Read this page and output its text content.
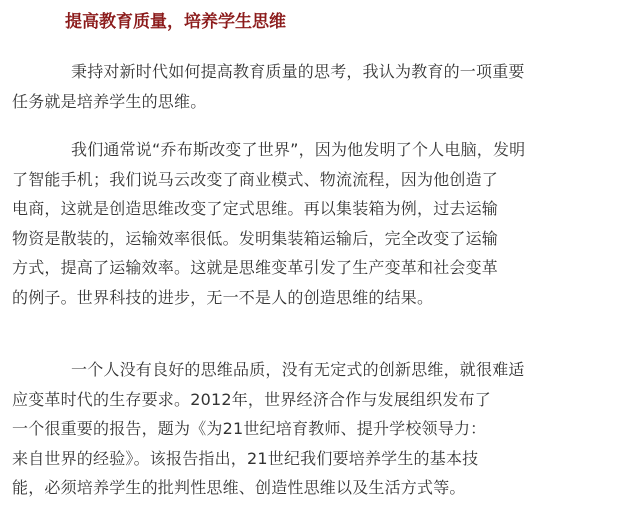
提高教育质量，培养学生思维

秉持对新时代如何提高教育质量的思考，我认为教育的一项重要
任务就是培养学生的思维。

我们通常说“乔布斯改变了世界”，因为他发明了个人电脑，发明
了智能手机；我们说马云改变了商业模式、物流流程，因为他创造了
电商，这就是创造思维改变了定式思维。再以集装箱为例，过去运输
物资是散装的，运输效率很低。发明集装箱运输后，完全改变了运输
方式，提高了运输效率。这就是思维变革引发了生产变革和社会变革
的例子。世界科技的进步，无一不是人的创造思维的结果。

一个人没有良好的思维品质，没有无定式的创新思维，就很难适
应变革时代的生存要求。2012年，世界经济合作与发展组织发布了
一个很重要的报告，题为《为21世纪培育教师、提升学校领导力：
来自世界的经验》。该报告指出，21世纪我们要培养学生的基本技
能，必须培养学生的批判性思维、创造性思维以及生活方式等。
